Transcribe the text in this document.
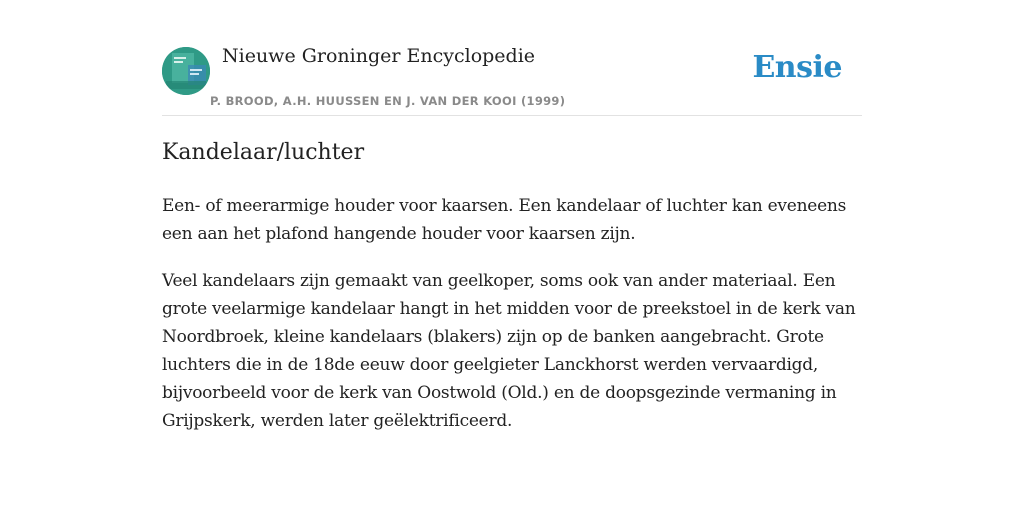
Nieuwe Groninger Encyclopedie
P. BROOD, A.H. HUUSSEN EN J. VAN DER KOOI (1999)
Ensie
Kandelaar/luchter

Een- of meerarmige houder voor kaarsen. Een kandelaar of luchter kan eveneens een aan het plafond hangende houder voor kaarsen zijn.

Veel kandelaars zijn gemaakt van geelkoper, soms ook van ander materiaal. Een grote veelarmige kandelaar hangt in het midden voor de preekstoel in de kerk van Noordbroek, kleine kandelaars (blakers) zijn op de banken aangebracht. Grote luchters die in de 18de eeuw door geelgieter Lanckhorst werden vervaardigd, bijvoorbeeld voor de kerk van Oostwold (Old.) en de doopsgezinde vermaning in Grijpskerk, werden later geëlektrificeerd.
